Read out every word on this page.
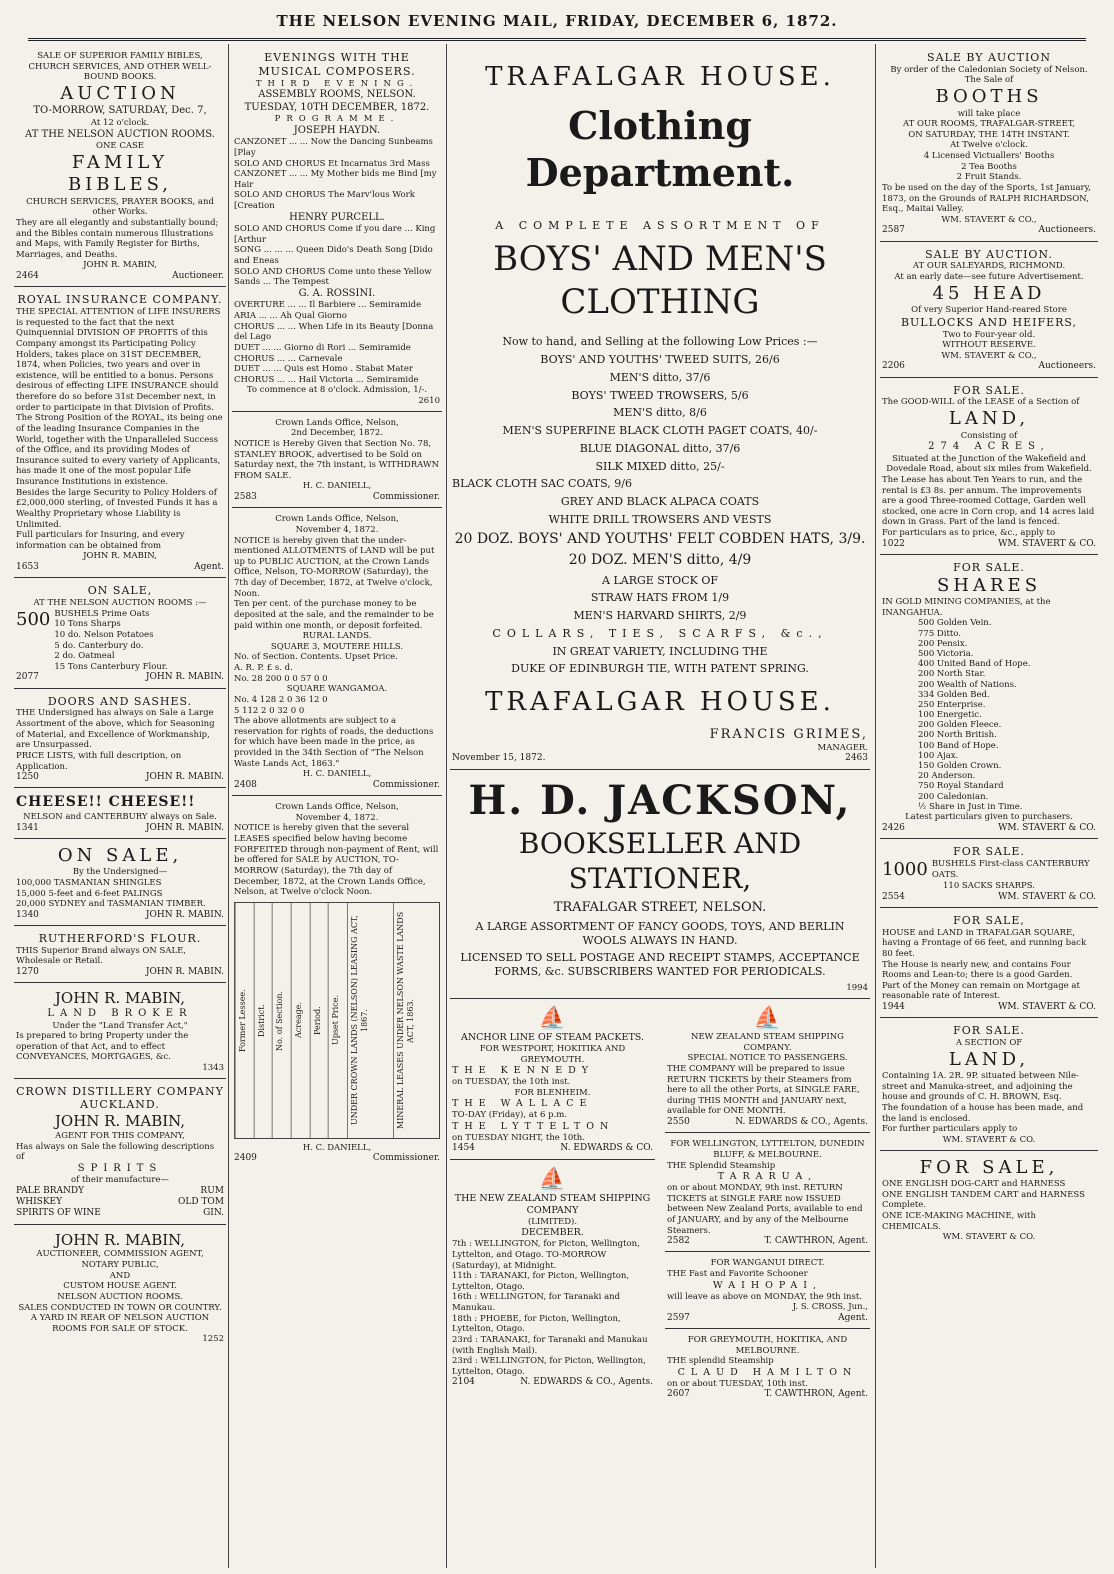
THE NELSON EVENING MAIL, FRIDAY, DECEMBER 6, 1872.
SALE OF SUPERIOR FAMILY BIBLES, CHURCH SERVICES, AND OTHER WELL-BOUND BOOKS.
AUCTION
TO-MORROW, SATURDAY, Dec. 7,
At 12 o'clock.
AT THE NELSON AUCTION ROOMS.
ONE CASE
FAMILY BIBLES,
CHURCH SERVICES, PRAYER BOOKS, and other Works.
They are all elegantly and substantially bound; and the Bibles contain numerous Illustrations and Maps, with Family Register for Births, Marriages, and Deaths.
JOHN R. MABIN,
2464	Auctioneer.
ROYAL INSURANCE COMPANY.
THE SPECIAL ATTENTION of LIFE INSURERS is requested to the fact that the next Quinquennial DIVISION OF PROFITS of this Company amongst its Participating Policy Holders, takes place on 31ST DECEMBER, 1874, when Policies, two years and over in existence, will be entitled to a bonus. Persons desirous of effecting LIFE INSURANCE should therefore do so before 31st December next, in order to participate in that Division of Profits.
The Strong Position of the ROYAL, its being one of the leading Insurance Companies in the World, together with the Unparalleled Success of the Office, and its providing Modes of Insurance suited to every variety of Applicants, has made it one of the most popular Life Insurance Institutions in existence.
Besides the large Security to Policy Holders of £2,000,000 sterling, of Invested Funds it has a Wealthy Proprietary whose Liability is Unlimited.
Full particulars for Insuring, and every information can be obtained from
JOHN R. MABIN,
1653	Agent.
ON SALE,
AT THE NELSON AUCTION ROOMS :—
500 BUSHELS Prime Oats
10 Tons Sharps
10 do. Nelson Potatoes
5 do. Canterbury do.
2 do. Oatmeal
15 Tons Canterbury Flour.
2077	JOHN R. MABIN.
DOORS AND SASHES.
THE Undersigned has always on Sale a Large Assortment of the above, which for Seasoning of Material, and Excellence of Workmanship, are Unsurpassed.
PRICE LISTS, with full description, on Application.
1250	JOHN R. MABIN.
CHEESE!! CHEESE!!
NELSON and CANTERBURY always on Sale.
1341	JOHN R. MABIN.
ON SALE,
By the Undersigned—
100,000 TASMANIAN SHINGLES
15,000 5-feet and 6-feet PALINGS
20,000 SYDNEY and TASMANIAN TIMBER.
1340	JOHN R. MABIN.
RUTHERFORD'S FLOUR.
THIS Superior Brand always ON SALE, Wholesale or Retail.
1270	JOHN R. MABIN.
JOHN R. MABIN,
LAND BROKER
Under the "Land Transfer Act,"
Is prepared to bring Property under the operation of that Act, and to effect CONVEYANCES, MORTGAGES, &c.
1343
CROWN DISTILLERY COMPANY AUCKLAND.
JOHN R. MABIN,
AGENT FOR THIS COMPANY,
Has always on Sale the following descriptions of
SPIRITS
of their manufacture—
PALE BRANDY	RUM
WHISKEY	OLD TOM
SPIRITS OF WINE	GIN.
JOHN R. MABIN,
AUCTIONEER, COMMISSION AGENT,
NOTARY PUBLIC,
AND
CUSTOM HOUSE AGENT.
NELSON AUCTION ROOMS.
SALES CONDUCTED IN TOWN OR COUNTRY.
A YARD IN REAR OF NELSON AUCTION ROOMS FOR SALE OF STOCK.
1252
EVENINGS WITH THE MUSICAL COMPOSERS.
THIRD EVENING.
ASSEMBLY ROOMS, NELSON.
TUESDAY, 10TH DECEMBER, 1872.
PROGRAMME.
JOSEPH HAYDN.
CANZONET ... ... Now the Dancing Sunbeams [Play
SOLO AND CHORUS Et Incarnatus 3rd Mass
CANZONET ... ... My Mother bids me Bind [my Hair
SOLO AND CHORUS The Marv'lous Work [Creation
HENRY PURCELL.
SOLO AND CHORUS Come if you dare ... King [Arthur
SONG ... ... ... Queen Dido's Death Song [Dido and Eneas
SOLO AND CHORUS Come unto these Yellow Sands ... The Tempest
G. A. ROSSINI.
OVERTURE ... ... Il Barbiere ... Semiramide
ARIA ... ... Ah Qual Giorno
CHORUS ... ... When Life in its Beauty [Donna del Lago
DUET ... ... Giorno di Rori ... Semiramide
CHORUS ... ... Carnevale
DUET ... ... Quis est Homo . Stabat Mater
CHORUS ... ... Hail Victoria ... Semiramide
To commence at 8 o'clock. Admission, 1/-.
2610
Crown Lands Office, Nelson,
2nd December, 1872.
NOTICE is Hereby Given that Section No. 78, STANLEY BROOK, advertised to be Sold on Saturday next, the 7th instant, is WITHDRAWN FROM SALE.
H. C. DANIELL,
2583	Commissioner.
Crown Lands Office, Nelson,
November 4, 1872.
NOTICE is hereby given that the under-mentioned ALLOTMENTS of LAND will be put up to PUBLIC AUCTION, at the Crown Lands Office, Nelson, TO-MORROW (Saturday), the 7th day of December, 1872, at Twelve o'clock, Noon.
Ten per cent. of the purchase money to be deposited at the sale, and the remainder to be paid within one month, or deposit forfeited.
RURAL LANDS.
SQUARE 3, MOUTERE HILLS.
No. of Section. Contents. Upset Price.
A. R. P. £ s. d.
No. 28 200 0 0 57 0 0
SQUARE WANGAMOA.
No. 4 128 2 0 36 12 0
5 112 2 0 32 0 0
The above allotments are subject to a reservation for rights of roads, the deductions for which have been made in the price, as provided in the 34th Section of "The Nelson Waste Lands Act, 1863."
H. C. DANIELL,
2408	Commissioner.
Crown Lands Office, Nelson,
November 4, 1872.
NOTICE is hereby given that the several LEASES specified below having become FORFEITED through non-payment of Rent, will be offered for SALE by AUCTION, TO-MORROW (Saturday), the 7th day of December, 1872, at the Crown Lands Office, Nelson, at Twelve o'clock Noon.
Former Lessee.	District.	No. of Section.	Acreage.	Period.	Upset Price.	UNDER CROWN LANDS (NELSON) LEASING ACT, 1867.	MINERAL LEASES UNDER NELSON WASTE LANDS ACT, 1863.
H. C. DANIELL,
2409	Commissioner.
TRAFALGAR HOUSE.
Clothing Department.
A COMPLETE ASSORTMENT OF
BOYS' AND MEN'S CLOTHING
Now to hand, and Selling at the following Low Prices :—
BOYS' AND YOUTHS' TWEED SUITS, 26/6
MEN'S ditto, 37/6
BOYS' TWEED TROWSERS, 5/6
MEN'S ditto, 8/6
MEN'S SUPERFINE BLACK CLOTH PAGET COATS, 40/-
BLUE DIAGONAL ditto, 37/6
SILK MIXED ditto, 25/-
BLACK CLOTH SAC COATS, 9/6
GREY AND BLACK ALPACA COATS
WHITE DRILL TROWSERS AND VESTS
20 DOZ. BOYS' AND YOUTHS' FELT COBDEN HATS, 3/9.
20 DOZ. MEN'S ditto, 4/9
A LARGE STOCK OF
STRAW HATS FROM 1/9
MEN'S HARVARD SHIRTS, 2/9
COLLARS, TIES, SCARFS, &c.,
IN GREAT VARIETY, INCLUDING THE
DUKE OF EDINBURGH TIE, WITH PATENT SPRING.
TRAFALGAR HOUSE.
FRANCIS GRIMES,
MANAGER.
November 15, 1872.	2463
H. D. JACKSON,
BOOKSELLER AND STATIONER,
TRAFALGAR STREET, NELSON.
A LARGE ASSORTMENT OF FANCY GOODS, TOYS, AND BERLIN WOOLS ALWAYS IN HAND.
LICENSED TO SELL POSTAGE AND RECEIPT STAMPS, ACCEPTANCE FORMS, &c. SUBSCRIBERS WANTED FOR PERIODICALS.
1994
⛵
ANCHOR LINE OF STEAM PACKETS.
FOR WESTPORT, HOKITIKA AND GREYMOUTH.
THE KENNEDY
on TUESDAY, the 10th inst.
FOR BLENHEIM.
THE WALLACE
TO-DAY (Friday), at 6 p.m.
THE LYTTELTON
on TUESDAY NIGHT, the 10th.
1454	N. EDWARDS & CO.
⛵
THE NEW ZEALAND STEAM SHIPPING COMPANY
(LIMITED).
DECEMBER.
7th : WELLINGTON, for Picton, Wellington, Lyttelton, and Otago. TO-MORROW (Saturday), at Midnight.
11th : TARANAKI, for Picton, Wellington, Lyttelton, Otago.
16th : WELLINGTON, for Taranaki and Manukau.
18th : PHOEBE, for Picton, Wellington, Lyttelton, Otago.
23rd : TARANAKI, for Taranaki and Manukau (with English Mail).
23rd : WELLINGTON, for Picton, Wellington, Lyttelton, Otago.
2104	N. EDWARDS & CO., Agents.
⛵
NEW ZEALAND STEAM SHIPPING COMPANY.
SPECIAL NOTICE TO PASSENGERS.
THE COMPANY will be prepared to issue RETURN TICKETS by their Steamers from here to all the other Ports, at SINGLE FARE, during THIS MONTH and JANUARY next, available for ONE MONTH.
2550	N. EDWARDS & CO., Agents.
FOR WELLINGTON, LYTTELTON, DUNEDIN BLUFF, & MELBOURNE.
THE Splendid Steamship
TARARUA,
on or about MONDAY, 9th inst. RETURN TICKETS at SINGLE FARE now ISSUED between New Zealand Ports, available to end of JANUARY, and by any of the Melbourne Steamers.
2582	T. CAWTHRON, Agent.
FOR WANGANUI DIRECT.
THE Fast and Favorite Schooner
WAIHOPAI,
will leave as above on MONDAY, the 9th inst.
J. S. CROSS, Jun.,
2597	Agent.
FOR GREYMOUTH, HOKITIKA, AND MELBOURNE.
THE splendid Steamship
CLAUD HAMILTON
on or about TUESDAY, 10th inst.
2607	T. CAWTHRON, Agent.
SALE BY AUCTION
By order of the Caledonian Society of Nelson.
The Sale of
BOOTHS
will take place
AT OUR ROOMS, TRAFALGAR-STREET,
ON SATURDAY, THE 14TH INSTANT.
At Twelve o'clock.
4 Licensed Victuallers' Booths
2 Tea Booths
2 Fruit Stands.
To be used on the day of the Sports, 1st January, 1873, on the Grounds of RALPH RICHARDSON, Esq., Maitai Valley.
WM. STAVERT & CO.,
2587	Auctioneers.
SALE BY AUCTION.
AT OUR SALEYARDS, RICHMOND.
At an early date—see future Advertisement.
45 HEAD
Of very Superior Hand-reared Store
BULLOCKS AND HEIFERS,
Two to Four-year old.
WITHOUT RESERVE.
WM. STAVERT & CO.,
2206	Auctioneers.
FOR SALE.
The GOOD-WILL of the LEASE of a Section of
LAND,
Consisting of
274 ACRES,
Situated at the Junction of the Wakefield and Dovedale Road, about six miles from Wakefield.
The Lease has about Ten Years to run, and the rental is £3 8s. per annum. The improvements are a good Three-roomed Cottage, Garden well stocked, one acre in Corn crop, and 14 acres laid down in Grass. Part of the land is fenced.
For particulars as to price, &c., apply to
1022	WM. STAVERT & CO.
FOR SALE.
SHARES
IN GOLD MINING COMPANIES, at the INANGAHUA.
500 Golden Vein.
775 Ditto.
200 Pensix.
500 Victoria.
400 United Band of Hope.
200 North Star.
200 Wealth of Nations.
334 Golden Bed.
250 Enterprise.
100 Energetic.
200 Golden Fleece.
200 North British.
100 Band of Hope.
100 Ajax.
150 Golden Crown.
20 Anderson.
750 Royal Standard
200 Caledonian.
½ Share in Just in Time.
Latest particulars given to purchasers.
2426	WM. STAVERT & CO.
FOR SALE.
1000 BUSHELS First-class CANTERBURY OATS.
110 SACKS SHARPS.
2554	WM. STAVERT & CO.
FOR SALE,
HOUSE and LAND in TRAFALGAR SQUARE, having a Frontage of 66 feet, and running back 80 feet.
The House is nearly new, and contains Four Rooms and Lean-to; there is a good Garden.
Part of the Money can remain on Mortgage at reasonable rate of Interest.
1944	WM. STAVERT & CO.
FOR SALE.
A SECTION OF
LAND,
Containing 1A. 2R. 9P. situated between Nile-street and Manuka-street, and adjoining the house and grounds of C. H. BROWN, Esq.
The foundation of a house has been made, and the land is enclosed.
For further particulars apply to
WM. STAVERT & CO.
FOR SALE,
ONE ENGLISH DOG-CART and HARNESS
ONE ENGLISH TANDEM CART and HARNESS Complete.
ONE ICE-MAKING MACHINE, with CHEMICALS.
WM. STAVERT & CO.
